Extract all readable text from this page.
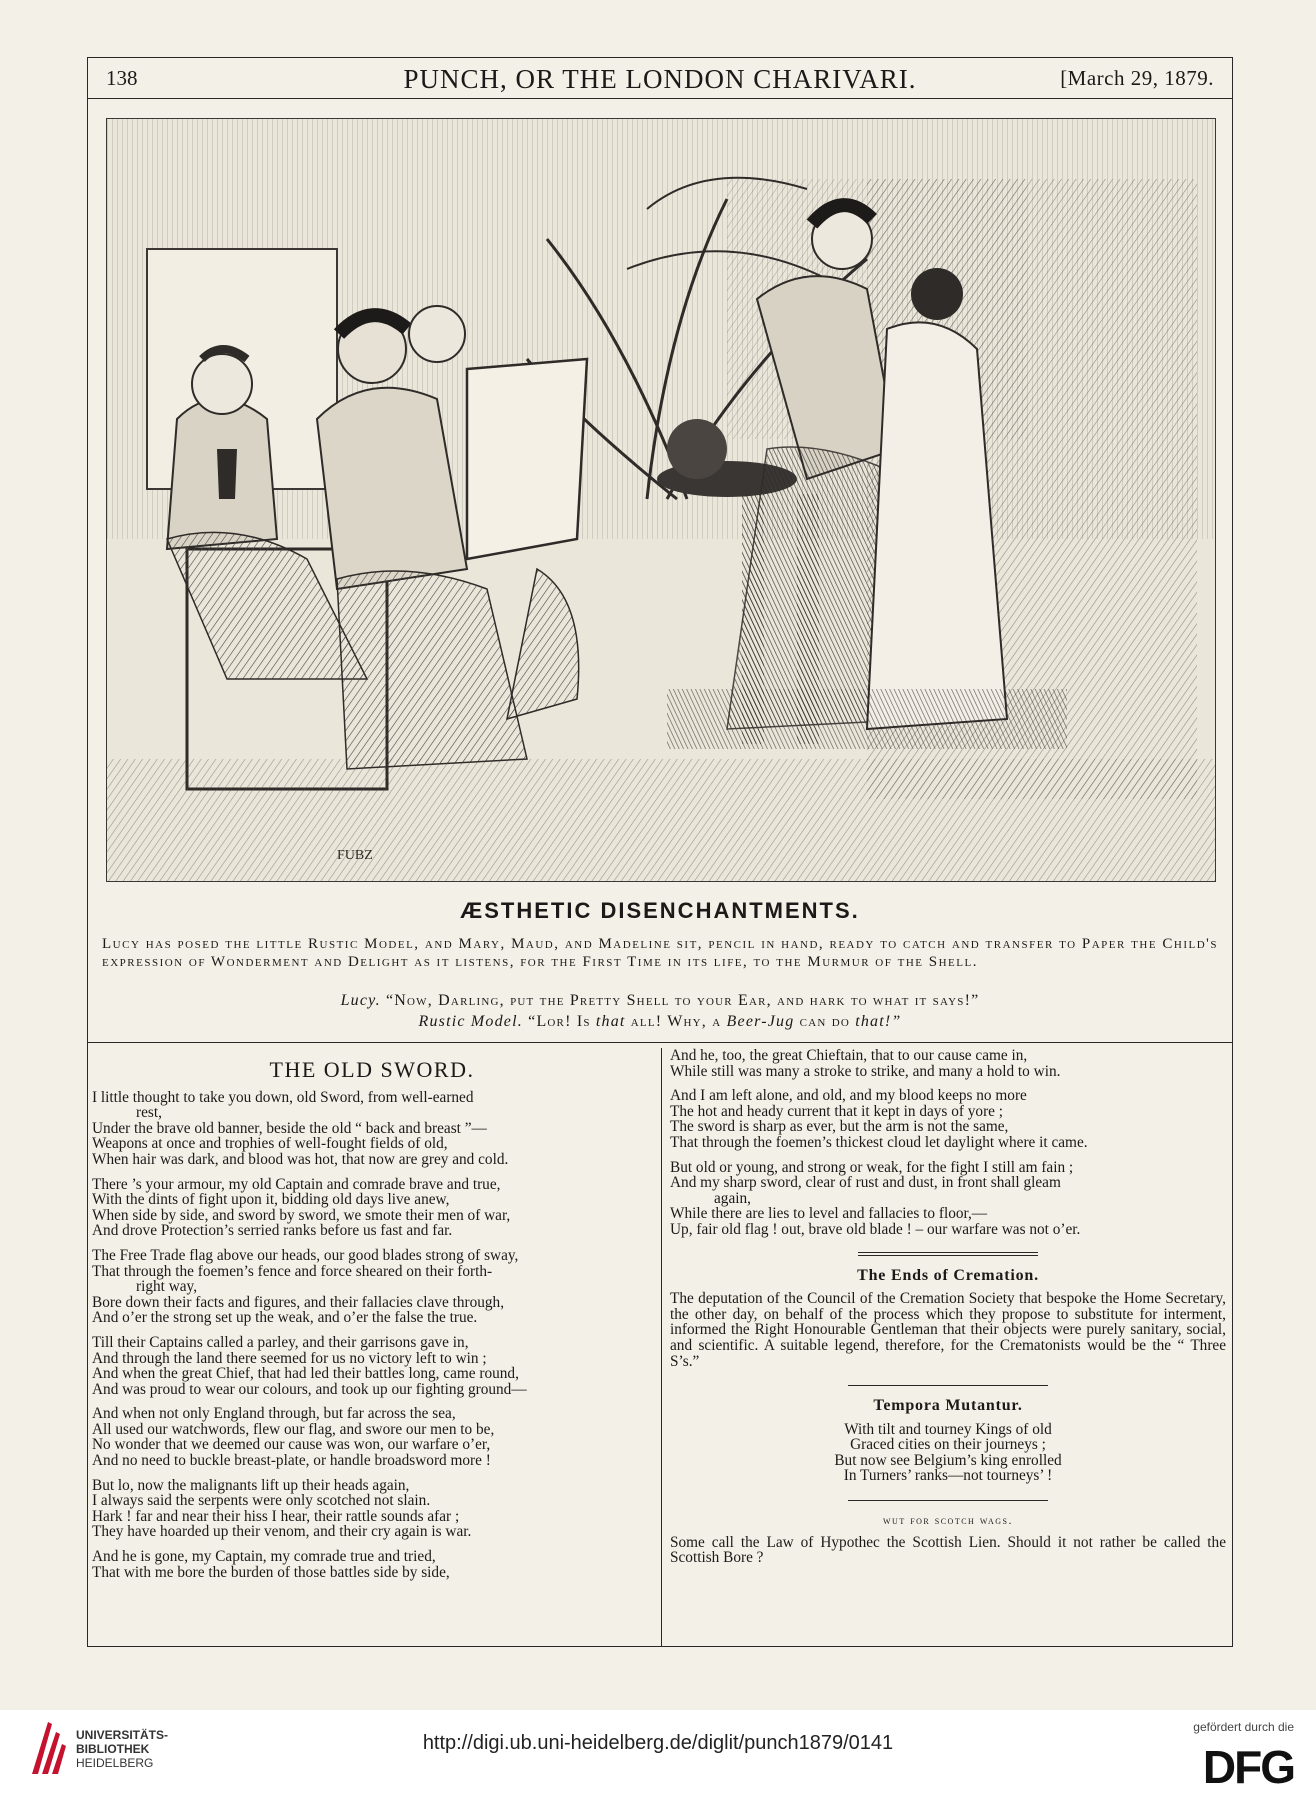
138	PUNCH, OR THE LONDON CHARIVARI.	[March 29, 1879.
FUBZ
ÆSTHETIC DISENCHANTMENTS.
Lucy has posed the little Rustic Model, and Mary, Maud, and Madeline sit, pencil in hand, ready to catch and transfer to Paper the Child's expression of Wonderment and Delight as it listens, for the First Time in its life, to the Murmur of the Shell.
Lucy. “Now, Darling, put the Pretty Shell to your Ear, and hark to what it says!”
Rustic Model. “Lor! Is that all! Why, a Beer-Jug can do that!”
THE OLD SWORD.
I little thought to take you down, old Sword, from well-earned
rest,
Under the brave old banner, beside the old “ back and breast ”—
Weapons at once and trophies of well-fought fields of old,
When hair was dark, and blood was hot, that now are grey and cold.
There ’s your armour, my old Captain and comrade brave and true,
With the dints of fight upon it, bidding old days live anew,
When side by side, and sword by sword, we smote their men of war,
And drove Protection’s serried ranks before us fast and far.
The Free Trade flag above our heads, our good blades strong of sway,
That through the foemen’s fence and force sheared on their forth-
right way,
Bore down their facts and figures, and their fallacies clave through,
And o’er the strong set up the weak, and o’er the false the true.
Till their Captains called a parley, and their garrisons gave in,
And through the land there seemed for us no victory left to win ;
And when the great Chief, that had led their battles long, came round,
And was proud to wear our colours, and took up our fighting ground—
And when not only England through, but far across the sea,
All used our watchwords, flew our flag, and swore our men to be,
No wonder that we deemed our cause was won, our warfare o’er,
And no need to buckle breast-plate, or handle broadsword more !
But lo, now the malignants lift up their heads again,
I always said the serpents were only scotched not slain.
Hark ! far and near their hiss I hear, their rattle sounds afar ;
They have hoarded up their venom, and their cry again is war.
And he is gone, my Captain, my comrade true and tried,
That with me bore the burden of those battles side by side,
And he, too, the great Chieftain, that to our cause came in,
While still was many a stroke to strike, and many a hold to win.
And I am left alone, and old, and my blood keeps no more
The hot and heady current that it kept in days of yore ;
The sword is sharp as ever, but the arm is not the same,
That through the foemen’s thickest cloud let daylight where it came.
But old or young, and strong or weak, for the fight I still am fain ;
And my sharp sword, clear of rust and dust, in front shall gleam
again,
While there are lies to level and fallacies to floor,—
Up, fair old flag ! out, brave old blade ! – our warfare was not o’er.
The Ends of Cremation.
The deputation of the Council of the Cremation Society that bespoke the Home Secretary, the other day, on behalf of the process which they propose to substitute for interment, informed the Right Honourable Gentleman that their objects were purely sanitary, social, and scientific. A suitable legend, therefore, for the Crematonists would be the “ Three S’s.”
Tempora Mutantur.
With tilt and tourney Kings of old
Graced cities on their journeys ;
But now see Belgium’s king enrolled
In Turners’ ranks—not tourneys’ !
wut for scotch wags.
Some call the Law of Hypothec the Scottish Lien. Should it not rather be called the Scottish Bore ?
UNIVERSITÄTS-
BIBLIOTHEK
HEIDELBERG
http://digi.ub.uni-heidelberg.de/diglit/punch1879/0141
gefördert durch die
DFG
